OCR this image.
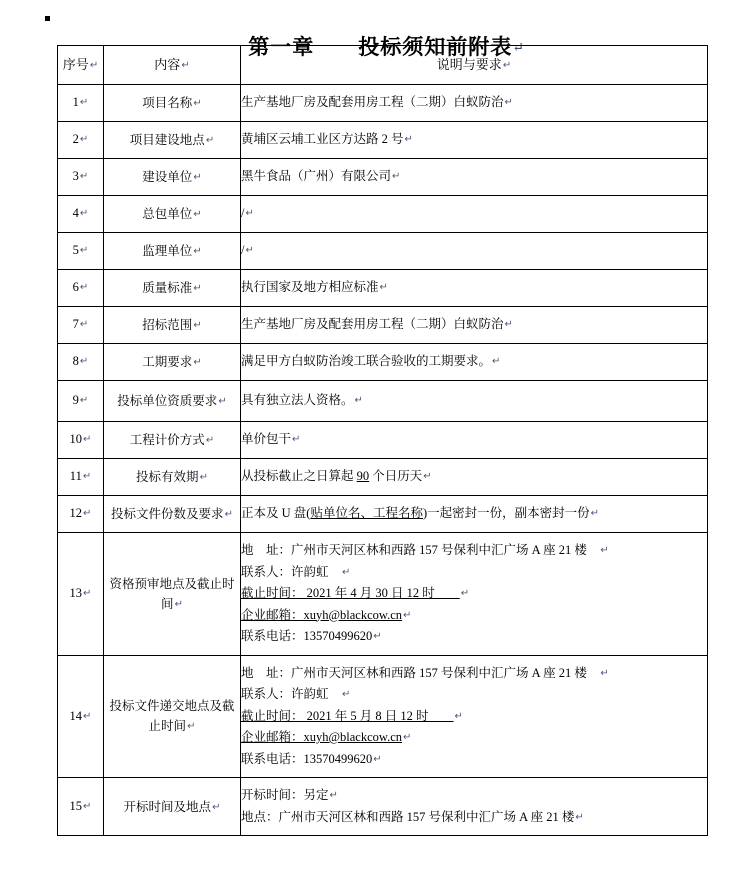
第一章　　 投标须知前附表↵

序号↵	内容↵	说明与要求↵
1↵	项目名称↵	生产基地厂房及配套用房工程（二期）白蚁防治↵

2↵	项目建设地点↵	黄埔区云埔工业区方达路 2 号↵

3↵	建设单位↵	黑牛食品（广州）有限公司↵

4↵	总包单位↵	/↵

5↵	监理单位↵	/↵

6↵	质量标准↵	执行国家及地方相应标准↵

7↵	招标范围↵	生产基地厂房及配套用房工程（二期）白蚁防治↵

8↵	工期要求↵	满足甲方白蚁防治竣工联合验收的工期要求。↵

9↵	投标单位资质要求↵	具有独立法人资格。↵

10↵	工程计价方式↵	单价包干↵

11↵	投标有效期↵	从投标截止之日算起 90 个日历天↵

12↵	投标文件份数及要求↵	正本及 U 盘(贴单位名、工程名称)一起密封一份，副本密封一份↵

13↵	资格预审地点及截止时间↵	地　址：广州市天河区林和西路 157 号保利中汇广场 A 座 21 楼　↵
联系人：许韵虹　↵
截止时间： 2021 年 4 月 30 日 12 时　　↵
企业邮箱：xuyh@blackcow.cn↵
联系电话：13570499620↵

14↵	投标文件递交地点及截止时间↵	地　址：广州市天河区林和西路 157 号保利中汇广场 A 座 21 楼　↵
联系人：许韵虹　↵
截止时间： 2021 年 5 月 8 日 12 时　　↵
企业邮箱：xuyh@blackcow.cn↵
联系电话：13570499620↵

15↵	开标时间及地点↵	开标时间：另定↵
地点：广州市天河区林和西路 157 号保利中汇广场 A 座 21 楼↵
